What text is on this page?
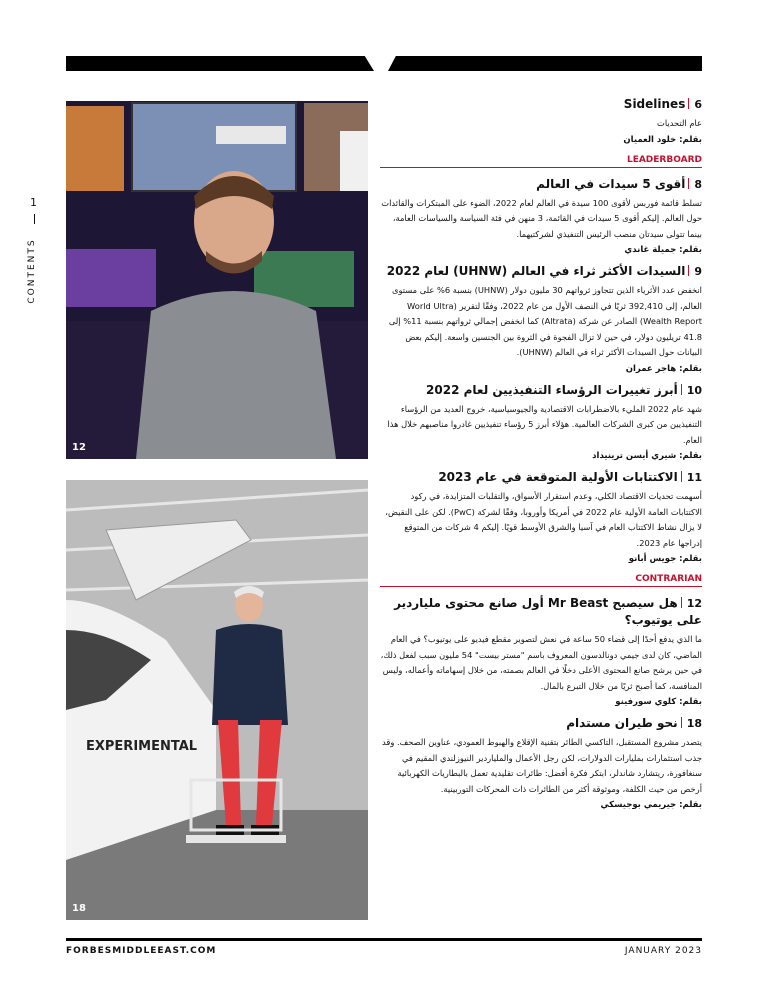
1
CONTENTS
12
EXPERIMENTAL
18
6Sidelines
عام التحديات
بقلم: خلود العميان
LEADERBOARD
8أقوى 5 سيدات في العالم
تسلط قائمة فوربس لأقوى 100 سيدة في العالم لعام 2022، الضوء على المبتكرات والقائدات حول العالم. إليكم أقوى 5 سيدات في القائمة، 3 منهن في فئة السياسة والسياسات العامة، بينما تتولى سيدتان منصب الرئيس التنفيذي لشركتيهما.
بقلم: جميلة غاندي
9السيدات الأكثر ثراء في العالم (UHNW) لعام 2022
انخفض عدد الأثرياء الذين تتجاوز ثرواتهم 30 مليون دولار (UHNW) بنسبة 6% على مستوى العالم، إلى 392,410 ثريًا في النصف الأول من عام 2022، وفقًا لتقرير (World Ultra Wealth Report) الصادر عن شركة (Altrata) كما انخفض إجمالي ثرواتهم بنسبة 11% إلى 41.8 تريليون دولار، في حين لا تزال الفجوة في الثروة بين الجنسين واسعة. إليكم بعض البيانات حول السيدات الأكثر ثراء في العالم (UHNW).
بقلم: هاجر عمران
10أبرز تغييرات الرؤساء التنفيذيين لعام 2022
شهد عام 2022 المليء بالاضطرابات الاقتصادية والجيوسياسية، خروج العديد من الرؤساء التنفيذيين من كبرى الشركات العالمية. هؤلاء أبرز 5 رؤساء تنفيذيين غادروا مناصبهم خلال هذا العام.
بقلم: شيري أيسن ترينيداد
11الاكتتابات الأولية المتوقعة في عام 2023
أسهمت تحديات الاقتصاد الكلي، وعدم استقرار الأسواق، والتقلبات المتزايدة، في ركود الاكتتابات العامة الأولية عام 2022 في أمريكا وأوروبا، وفقًا لشركة (PwC). لكن على النقيض، لا يزال نشاط الاكتتاب العام في آسيا والشرق الأوسط قويًا. إليكم 4 شركات من المتوقع إدراجها عام 2023.
بقلم: جويس أبانو
CONTRARIAN
12هل سيصبح Mr Beast أول صانع محتوى ملياردير على يوتيوب؟
ما الذي يدفع أحدًا إلى قضاء 50 ساعة في نعش لتصوير مقطع فيديو على يوتيوب؟ في العام الماضي، كان لدى جيمي دونالدسون المعروف باسم "مستر بيست" 54 مليون سبب لفعل ذلك، في حين يرشح صانع المحتوى الأعلى دخلًا في العالم بصمته، من خلال إسهاماته وأعماله، وليس المنافسة، كما أصبح ثريًا من خلال التبرع بالمال.
بقلم: كلوي سورفينو
18نحو طيران مستدام
يتصدر مشروع المستقبل، التاكسي الطائر بتقنية الإقلاع والهبوط العمودي، عناوين الصحف. وقد جذب استثمارات بمليارات الدولارات، لكن رجل الأعمال والملياردير النيوزلندي المقيم في سنغافورة، ريتشارد شاندلر، ابتكر فكرة أفضل: طائرات تقليدية تعمل بالبطاريات الكهربائية أرخص من حيث الكلفة، وموثوقة أكثر من الطائرات ذات المحركات التوربينية.
بقلم: جيريمي بوجيسكي
FORBESMIDDLEEAST.COM	JANUARY 2023
